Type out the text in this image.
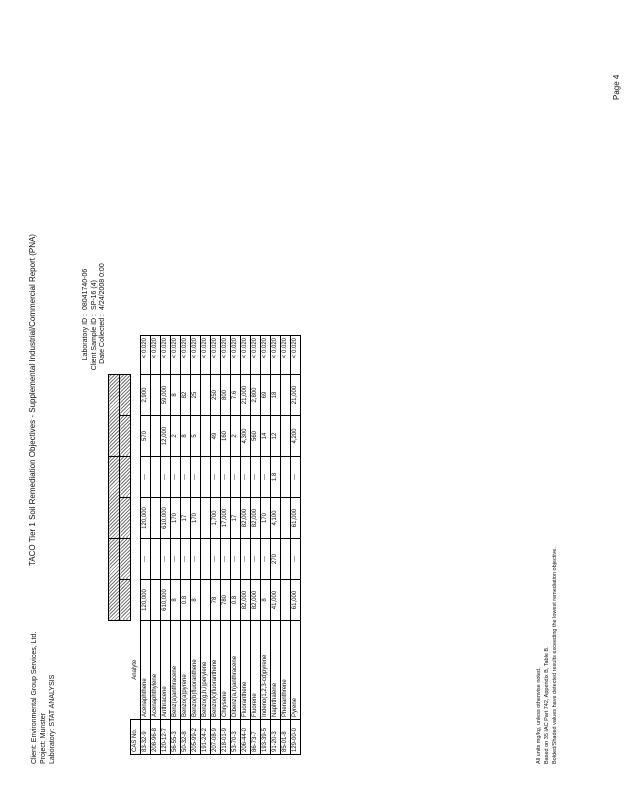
TACO Tier 1 Soil Remediation Objectives - Supplemental Industrial/Commercial Report (PNA)
Client: Environmental Group Services, Ltd. Project: Munster Laboratory: STAT ANALYSIS
Laboratory ID :
08041740-06
Client Sample ID :
SP-16 (4)
Date Collected :
4/24/2008 0:00

CAS No.	Analyte							
83-32-9	Acenaphthene	120,000	---	120,000	---	570	2,900	< 0.020
208-96-8	Acenaphthylene							< 0.020
120-12-7	Anthracene	610,000	---	610,000	---	12,000	59,000	< 0.020
56-55-3	Benz(a)anthracene	8	---	170	---	2	8	< 0.020
50-32-8	Benzo(a)pyrene	0.8	---	17	---	8	82	< 0.020
205-99-2	Benzo(b)fluoranthene	8	---	170	---	5	25	< 0.020
191-24-2	Benzo(g,h,i)perylene							< 0.020
207-08-9	Benzo(k)fluoranthene	78	---	1,700	---	49	250	< 0.020
218-01-9	Chrysene	780	---	17,000	---	160	800	< 0.020
53-70-3	Dibenz(a,h)anthracene	0.8	---	17	---	2	7.6	< 0.020
206-44-0	Fluoranthene	82,000	---	82,000	---	4,300	21,000	< 0.020
86-73-7	Fluorene	82,000	---	82,000	---	560	2,800	< 0.020
193-39-5	Indeno(1,2,3-cd)pyrene	8	---	170	---	14	69	< 0.020
91-20-3	Naphthalene	41,000	270	4,100	1.8	12	18	< 0.020
85-01-8	Phenanthrene							< 0.020
129-00-0	Pyrene	61,000	---	61,000	---	4,200	21,000	< 0.020
All units mg/kg, unless otherwise noted. Based on 35 IAC Part 742, Appendix B, Table B. Bolded/Shaded values have detected results exceeding the lowest remediation objective.
Page 4
